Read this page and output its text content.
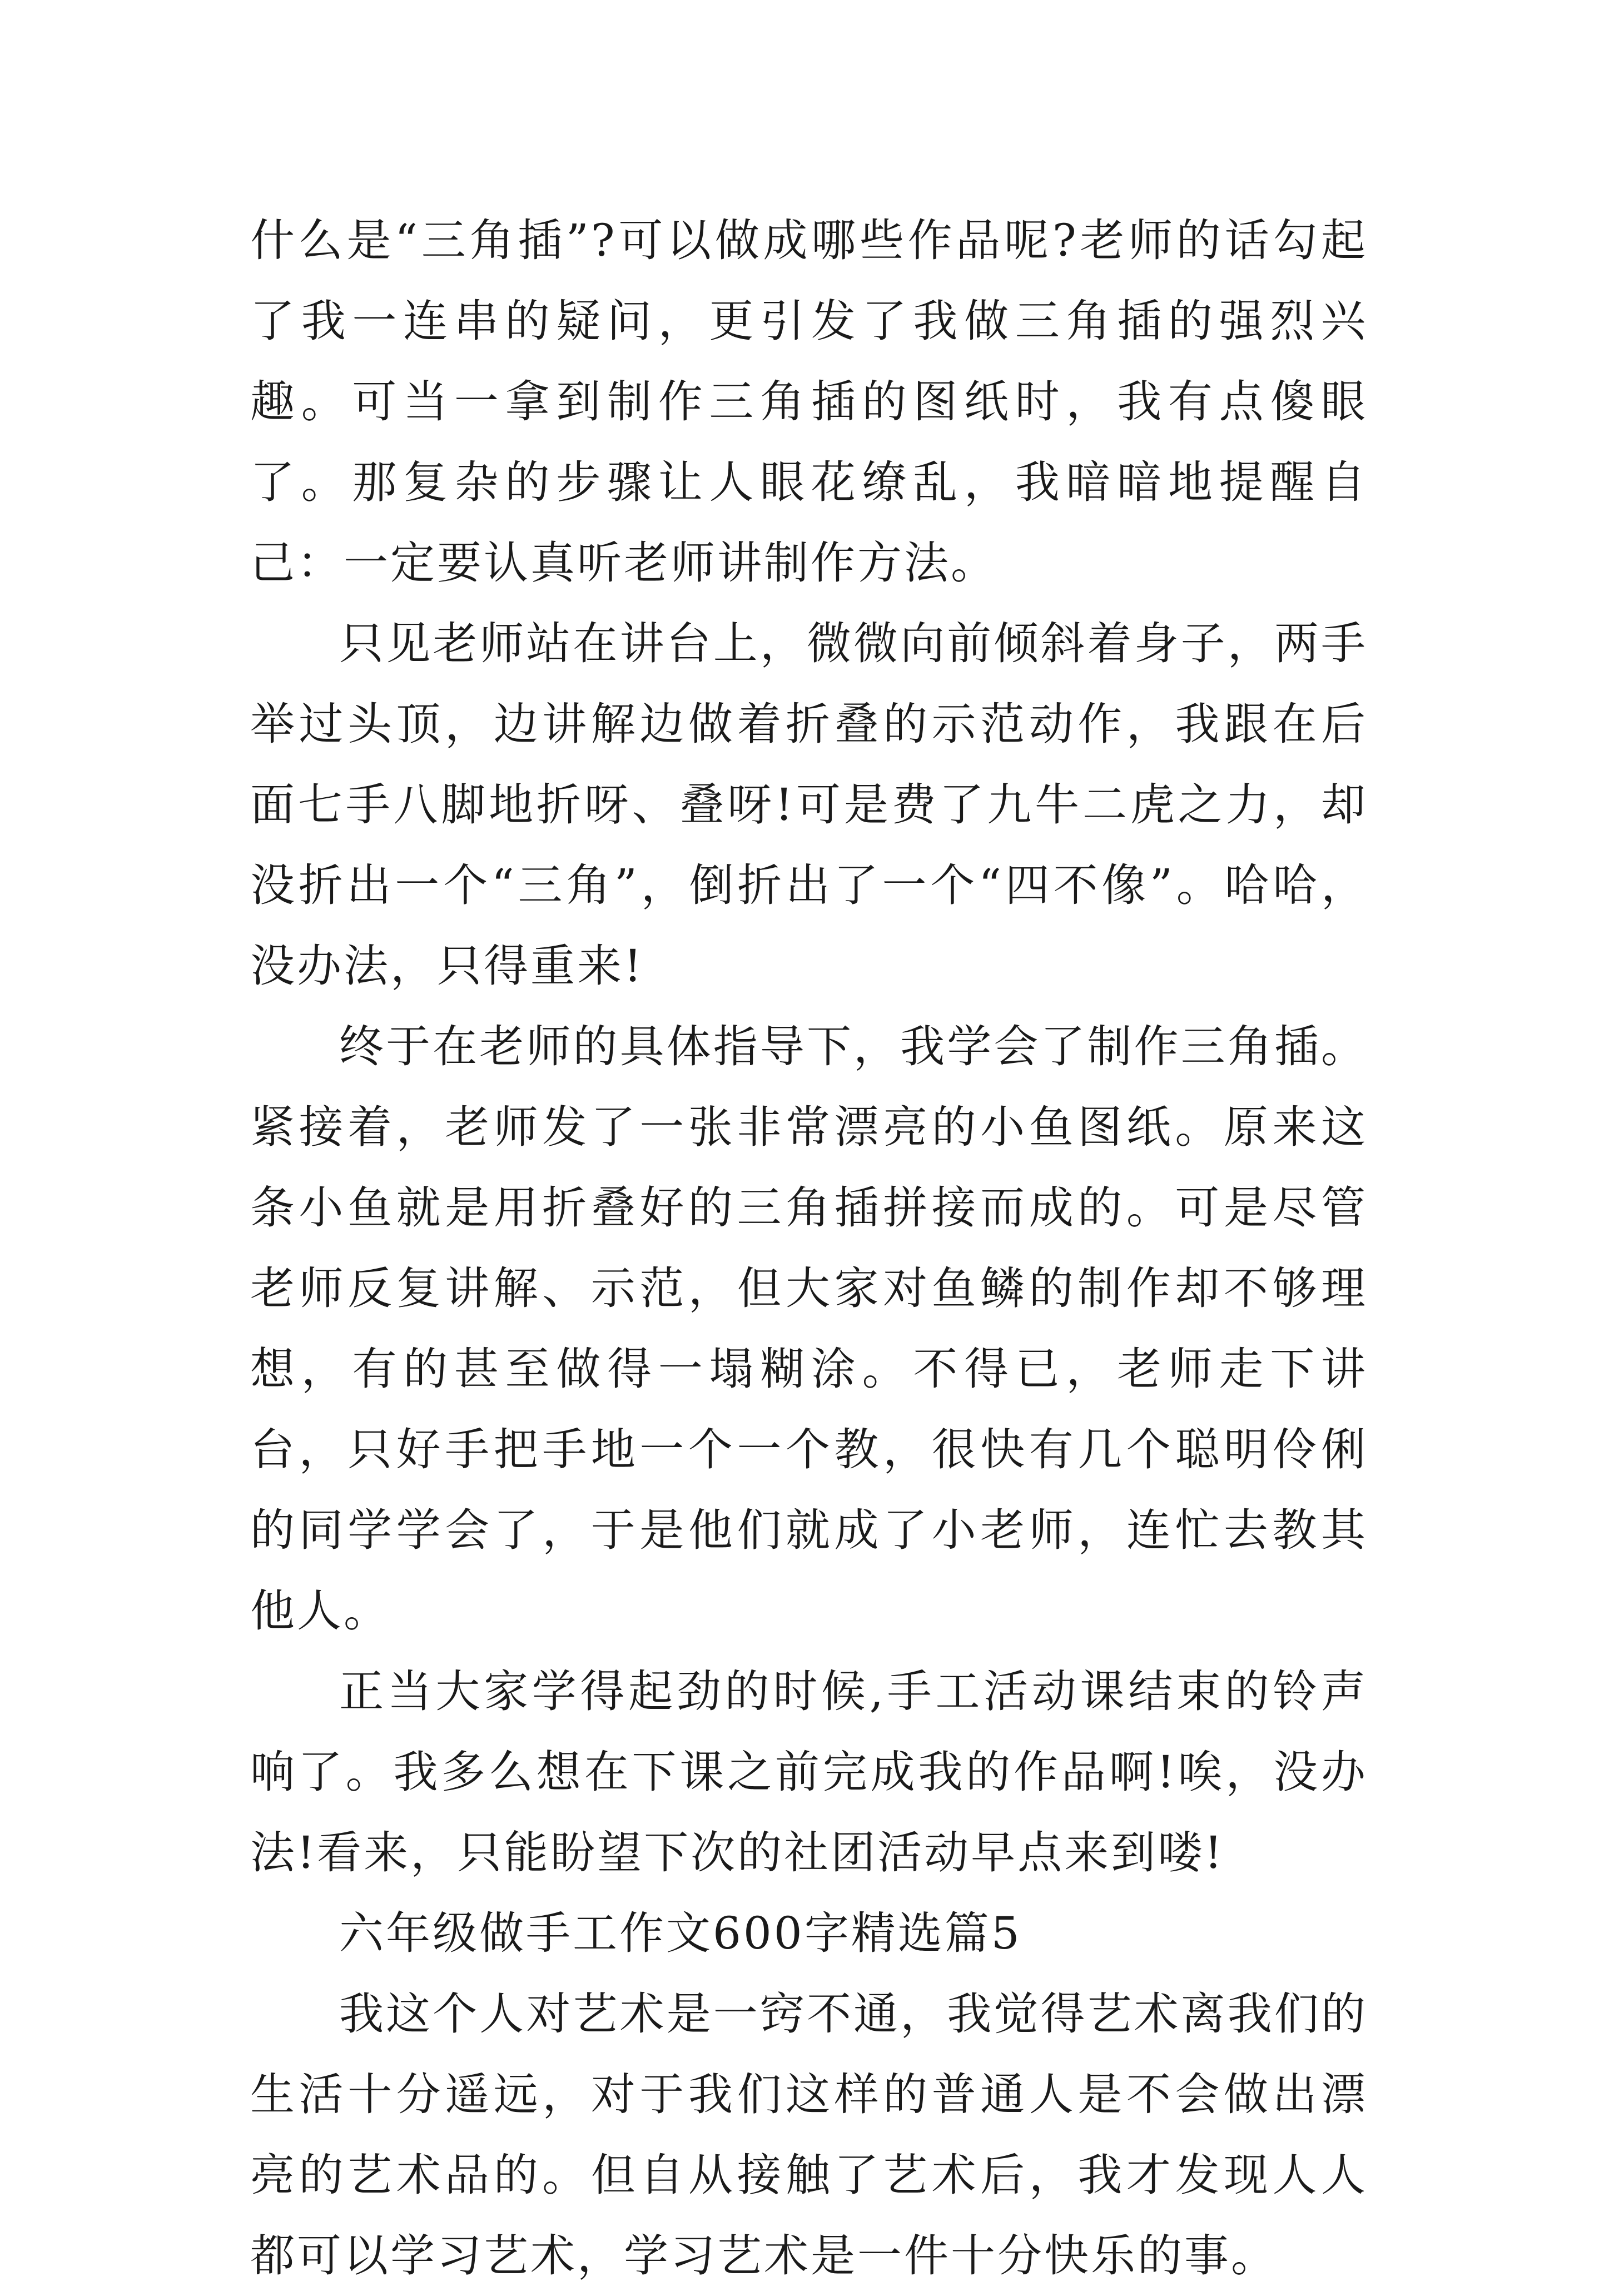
什么是“三角插”?可以做成哪些作品呢?老师的话勾起了我一连串的疑问，更引发了我做三角插的强烈兴趣。可当一拿到制作三角插的图纸时，我有点傻眼了。那复杂的步骤让人眼花缭乱，我暗暗地提醒自己：一定要认真听老师讲制作方法。

只见老师站在讲台上，微微向前倾斜着身子，两手举过头顶，边讲解边做着折叠的示范动作，我跟在后面七手八脚地折呀、叠呀!可是费了九牛二虎之力，却没折出一个“三角”，倒折出了一个“四不像”。哈哈，没办法，只得重来!

终于在老师的具体指导下，我学会了制作三角插。紧接着，老师发了一张非常漂亮的小鱼图纸。原来这条小鱼就是用折叠好的三角插拼接而成的。可是尽管老师反复讲解、示范，但大家对鱼鳞的制作却不够理想，有的甚至做得一塌糊涂。不得已，老师走下讲台，只好手把手地一个一个教，很快有几个聪明伶俐的同学学会了，于是他们就成了小老师，连忙去教其他人。

正当大家学得起劲的时候,手工活动课结束的铃声响了。我多么想在下课之前完成我的作品啊!唉，没办法!看来，只能盼望下次的社团活动早点来到喽!

六年级做手工作文600字精选篇5

我这个人对艺术是一窍不通，我觉得艺术离我们的生活十分遥远，对于我们这样的普通人是不会做出漂亮的艺术品的。但自从接触了艺术后，我才发现人人都可以学习艺术，学习艺术是一件十分快乐的事。
